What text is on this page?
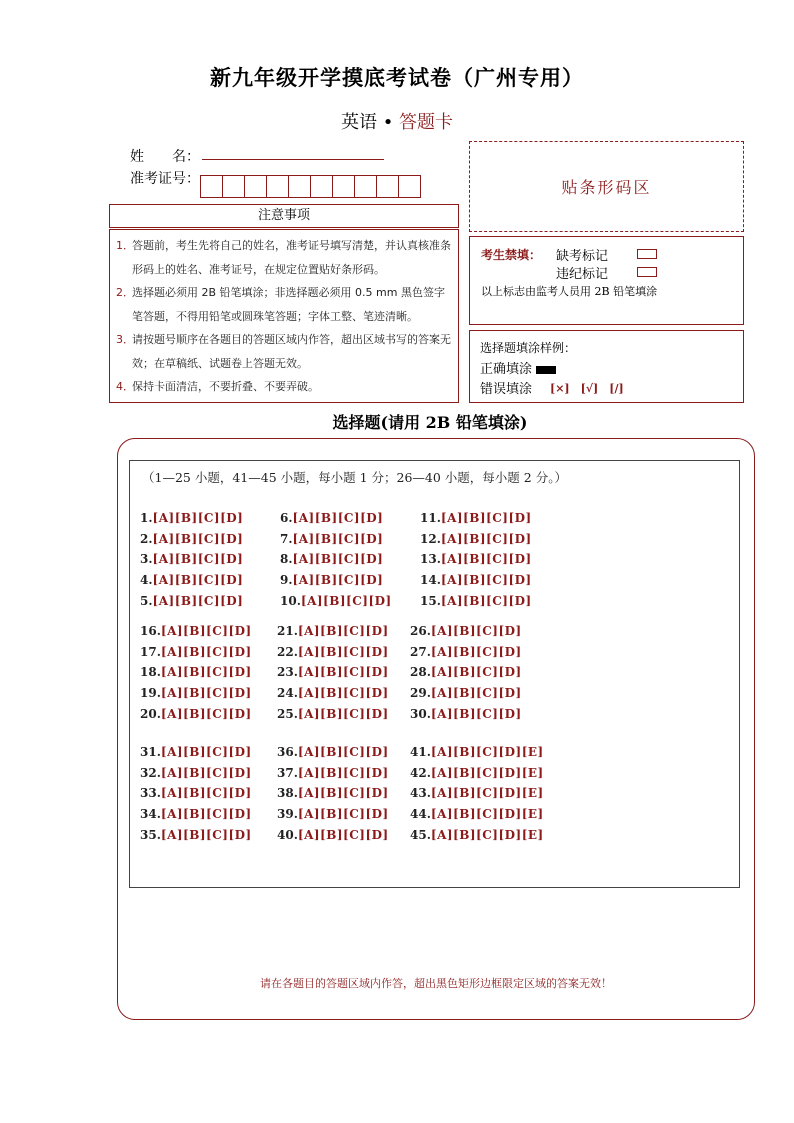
新九年级开学摸底考试卷（广州专用）
英语 • 答题卡
姓　　名：
准考证号：	贴条形码区
注意事项
1．
答题前，考生先将自己的姓名，准考证号填写清楚，并认真核准条形码上的姓名、准考证号，在规定位置贴好条形码。
2．
选择题必须用 2B 铅笔填涂；非选择题必须用 0.5 mm 黑色签字笔答题，不得用铅笔或圆珠笔答题；字体工整、笔迹清晰。
3．
请按题号顺序在各题目的答题区域内作答，超出区域书写的答案无效；在草稿纸、试题卷上答题无效。
4．
保持卡面清洁，不要折叠、不要弄破。
考生禁填： 缺考标记
违纪标记
以上标志由监考人员用 2B 铅笔填涂
选择题填涂样例：
正确填涂
错误填涂 [×]　[√]　[/]
选择题(请用 2B 铅笔填涂)
（1—25 小题，41—45 小题，每小题 1 分；26—40 小题，每小题 2 分。）
1.[A][B][C][D]
2.[A][B][C][D]
3.[A][B][C][D]
4.[A][B][C][D]
5.[A][B][C][D]
6.[A][B][C][D]
7.[A][B][C][D]
8.[A][B][C][D]
9.[A][B][C][D]
10.[A][B][C][D]
11.[A][B][C][D]
12.[A][B][C][D]
13.[A][B][C][D]
14.[A][B][C][D]
15.[A][B][C][D]
16.[A][B][C][D]
17.[A][B][C][D]
18.[A][B][C][D]
19.[A][B][C][D]
20.[A][B][C][D]
21.[A][B][C][D]
22.[A][B][C][D]
23.[A][B][C][D]
24.[A][B][C][D]
25.[A][B][C][D]
26.[A][B][C][D]
27.[A][B][C][D]
28.[A][B][C][D]
29.[A][B][C][D]
30.[A][B][C][D]
31.[A][B][C][D]
32.[A][B][C][D]
33.[A][B][C][D]
34.[A][B][C][D]
35.[A][B][C][D]
36.[A][B][C][D]
37.[A][B][C][D]
38.[A][B][C][D]
39.[A][B][C][D]
40.[A][B][C][D]
41.[A][B][C][D][E]
42.[A][B][C][D][E]
43.[A][B][C][D][E]
44.[A][B][C][D][E]
45.[A][B][C][D][E]
请在各题目的答题区域内作答，超出黑色矩形边框限定区域的答案无效！
